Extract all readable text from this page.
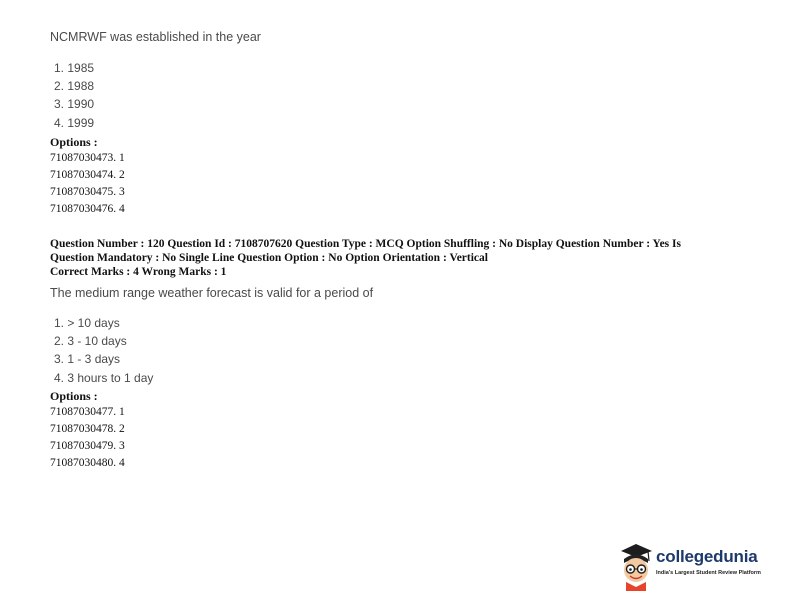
NCMRWF was established in the year
1. 1985
2. 1988
3. 1990
4. 1999
Options :
71087030473. 1
71087030474. 2
71087030475. 3
71087030476. 4
Question Number : 120 Question Id : 7108707620 Question Type : MCQ Option Shuffling : No Display Question Number : Yes Is
Question Mandatory : No Single Line Question Option : No Option Orientation : Vertical
Correct Marks : 4 Wrong Marks : 1
The medium range weather forecast is valid for a period of
1. > 10 days
2. 3 - 10 days
3. 1 - 3 days
4. 3 hours to 1 day
Options :
71087030477. 1
71087030478. 2
71087030479. 3
71087030480. 4
collegedunia
India's Largest Student Review Platform
